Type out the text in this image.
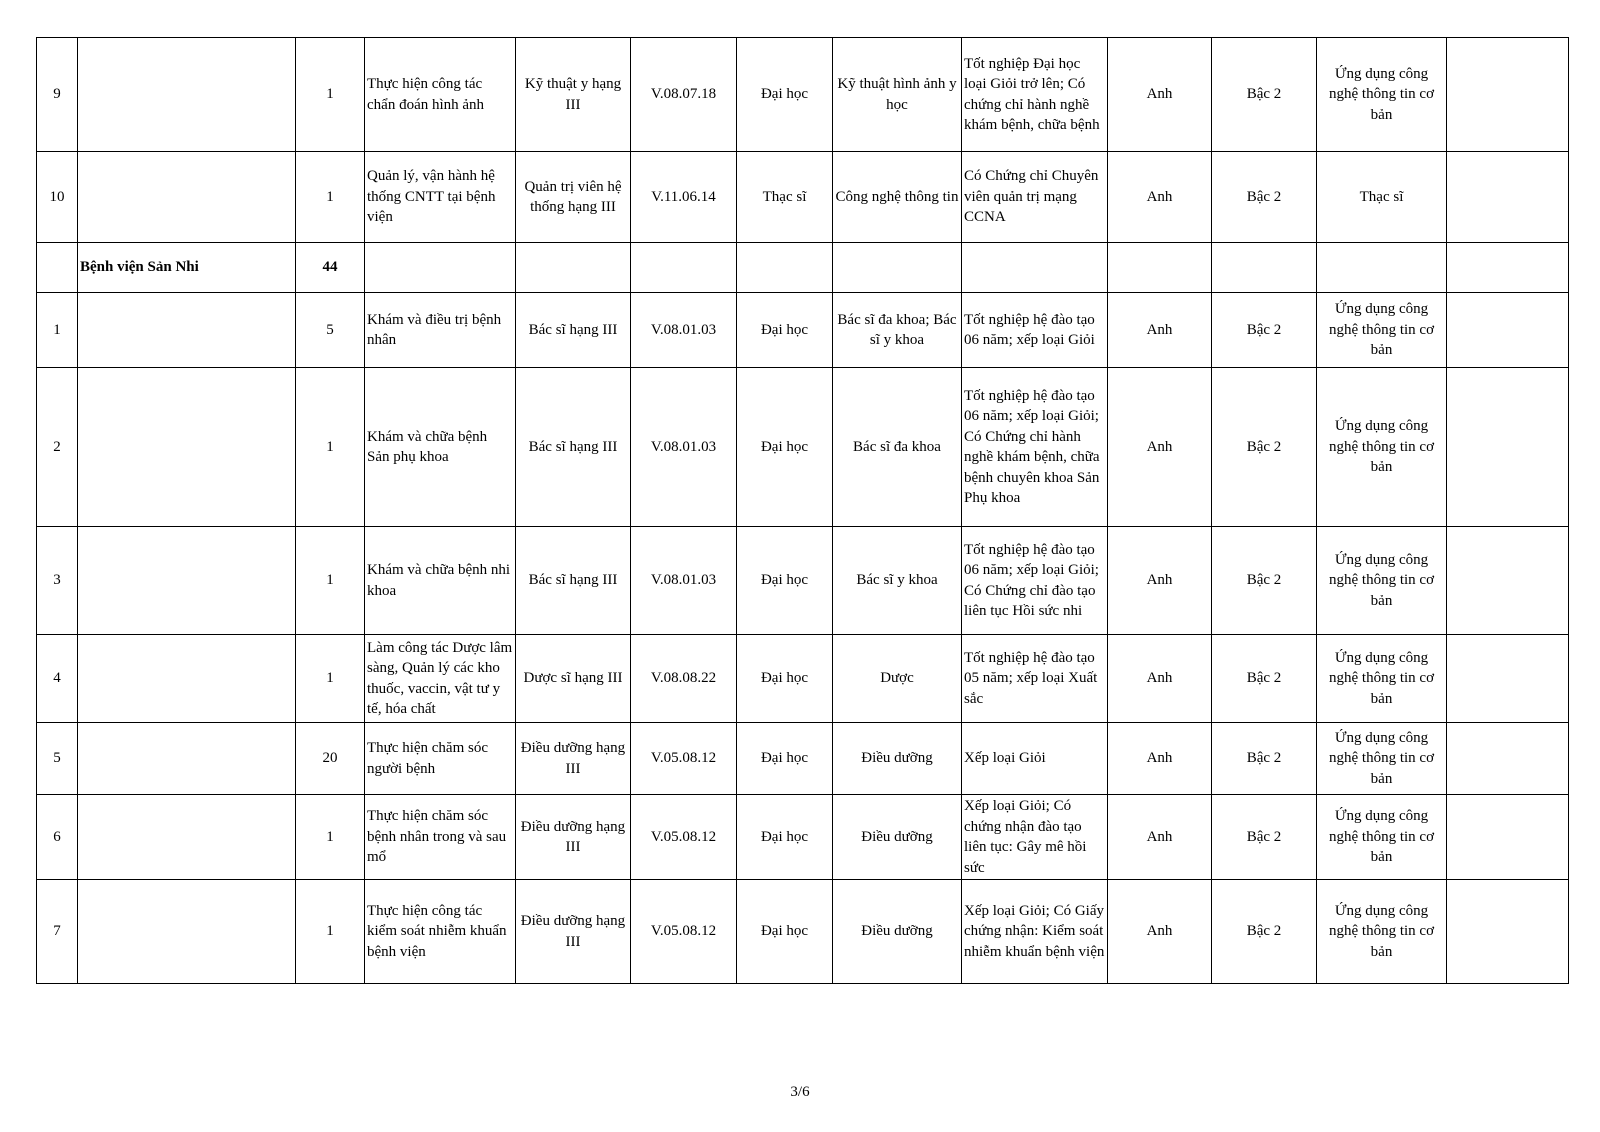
9		1	Thực hiện công tác chẩn đoán hình ảnh	Kỹ thuật y hạng III	V.08.07.18	Đại học	Kỹ thuật hình ảnh y học	Tốt nghiệp Đại học loại Giỏi trở lên; Có chứng chỉ hành nghề khám bệnh, chữa bệnh	Anh	Bậc 2	Ứng dụng công nghệ thông tin cơ bản	
10		1	Quản lý, vận hành hệ thống CNTT tại bệnh viện	Quản trị viên hệ thống hạng III	V.11.06.14	Thạc sĩ	Công nghệ thông tin	Có Chứng chỉ Chuyên viên quản trị mạng CCNA	Anh	Bậc 2	Thạc sĩ	
	Bệnh viện Sản Nhi	44										
1		5	Khám và điều trị bệnh nhân	Bác sĩ hạng III	V.08.01.03	Đại học	Bác sĩ đa khoa; Bác sĩ y khoa	Tốt nghiệp hệ đào tạo 06 năm; xếp loại Giỏi	Anh	Bậc 2	Ứng dụng công nghệ thông tin cơ bản	
2		1	Khám và chữa bệnh Sản phụ khoa	Bác sĩ hạng III	V.08.01.03	Đại học	Bác sĩ đa khoa	Tốt nghiệp hệ đào tạo 06 năm; xếp loại Giỏi; Có Chứng chỉ hành nghề khám bệnh, chữa bệnh chuyên khoa Sản Phụ khoa	Anh	Bậc 2	Ứng dụng công nghệ thông tin cơ bản	
3		1	Khám và chữa bệnh nhi khoa	Bác sĩ hạng III	V.08.01.03	Đại học	Bác sĩ y khoa	Tốt nghiệp hệ đào tạo 06 năm; xếp loại Giỏi; Có Chứng chỉ đào tạo liên tục Hồi sức nhi	Anh	Bậc 2	Ứng dụng công nghệ thông tin cơ bản	
4		1	Làm công tác Dược lâm sàng, Quản lý các kho thuốc, vaccin, vật tư y tế, hóa chất	Dược sĩ hạng III	V.08.08.22	Đại học	Dược	Tốt nghiệp hệ đào tạo 05 năm; xếp loại Xuất sắc	Anh	Bậc 2	Ứng dụng công nghệ thông tin cơ bản	
5		20	Thực hiện chăm sóc người bệnh	Điều dưỡng hạng III	V.05.08.12	Đại học	Điều dưỡng	Xếp loại Giỏi	Anh	Bậc 2	Ứng dụng công nghệ thông tin cơ bản	
6		1	Thực hiện chăm sóc bệnh nhân trong và sau mổ	Điều dưỡng hạng III	V.05.08.12	Đại học	Điều dưỡng	Xếp loại Giỏi; Có chứng nhận đào tạo liên tục: Gây mê hồi sức	Anh	Bậc 2	Ứng dụng công nghệ thông tin cơ bản	
7		1	Thực hiện công tác kiểm soát nhiễm khuẩn bệnh viện	Điều dưỡng hạng III	V.05.08.12	Đại học	Điều dưỡng	Xếp loại Giỏi; Có Giấy chứng nhận: Kiểm soát nhiễm khuẩn bệnh viện	Anh	Bậc 2	Ứng dụng công nghệ thông tin cơ bản	
3/6
